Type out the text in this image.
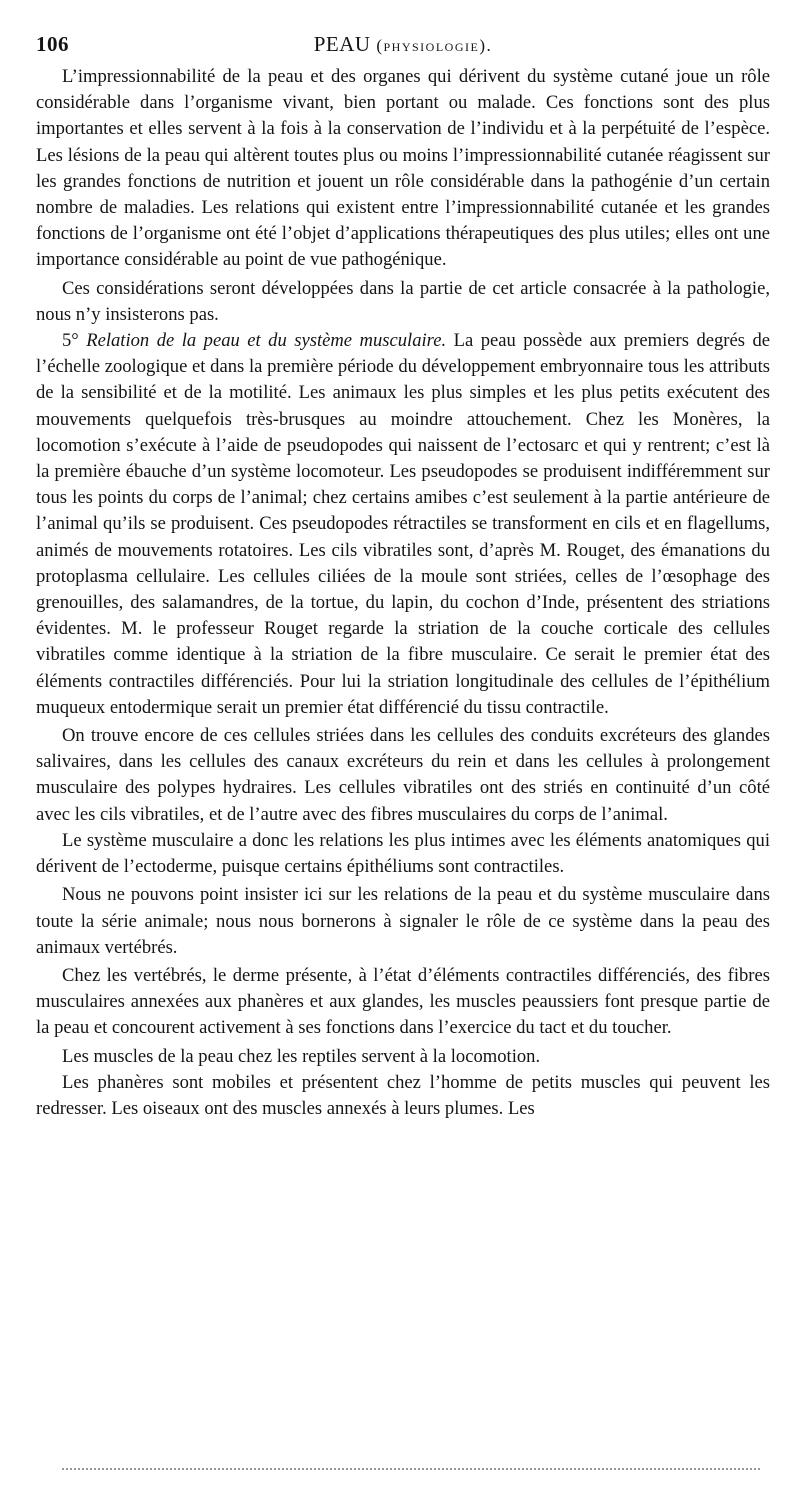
106	PEAU (physiologie).

L’impressionnabilité de la peau et des organes qui dérivent du système cutané joue un rôle considérable dans l’organisme vivant, bien portant ou malade. Ces fonctions sont des plus importantes et elles servent à la fois à la conservation de l’individu et à la perpétuité de l’espèce. Les lésions de la peau qui altèrent toutes plus ou moins l’impressionnabilité cutanée réagissent sur les grandes fonctions de nutrition et jouent un rôle considérable dans la pathogénie d’un certain nombre de maladies. Les relations qui existent entre l’impressionnabilité cutanée et les grandes fonctions de l’organisme ont été l’objet d’applications thérapeutiques des plus utiles; elles ont une importance considérable au point de vue pathogénique.

Ces considérations seront développées dans la partie de cet article consacrée à la pathologie, nous n’y insisterons pas.

5° Relation de la peau et du système musculaire. La peau possède aux premiers degrés de l’échelle zoologique et dans la première période du développement embryonnaire tous les attributs de la sensibilité et de la motilité. Les animaux les plus simples et les plus petits exécutent des mouvements quelquefois très-brusques au moindre attouchement. Chez les Monères, la locomotion s’exécute à l’aide de pseudopodes qui naissent de l’ectosarc et qui y rentrent; c’est là la première ébauche d’un système locomoteur. Les pseudopodes se produisent indifféremment sur tous les points du corps de l’animal; chez certains amibes c’est seulement à la partie antérieure de l’animal qu’ils se produisent. Ces pseudopodes rétractiles se transforment en cils et en flagellums, animés de mouvements rotatoires. Les cils vibratiles sont, d’après M. Rouget, des émanations du protoplasma cellulaire. Les cellules ciliées de la moule sont striées, celles de l’œsophage des grenouilles, des salamandres, de la tortue, du lapin, du cochon d’Inde, présentent des striations évidentes. M. le professeur Rouget regarde la striation de la couche corticale des cellules vibratiles comme identique à la striation de la fibre musculaire. Ce serait le premier état des éléments contractiles différenciés. Pour lui la striation longitudinale des cellules de l’épithélium muqueux entodermique serait un premier état différencié du tissu contractile.

On trouve encore de ces cellules striées dans les cellules des conduits excréteurs des glandes salivaires, dans les cellules des canaux excréteurs du rein et dans les cellules à prolongement musculaire des polypes hydraires. Les cellules vibratiles ont des striés en continuité d’un côté avec les cils vibratiles, et de l’autre avec des fibres musculaires du corps de l’animal.

Le système musculaire a donc les relations les plus intimes avec les éléments anatomiques qui dérivent de l’ectoderme, puisque certains épithéliums sont contractiles.

Nous ne pouvons point insister ici sur les relations de la peau et du système musculaire dans toute la série animale; nous nous bornerons à signaler le rôle de ce système dans la peau des animaux vertébrés.

Chez les vertébrés, le derme présente, à l’état d’éléments contractiles différenciés, des fibres musculaires annexées aux phanères et aux glandes, les muscles peaussiers font presque partie de la peau et concourent activement à ses fonctions dans l’exercice du tact et du toucher.

Les muscles de la peau chez les reptiles servent à la locomotion.

Les phanères sont mobiles et présentent chez l’homme de petits muscles qui peuvent les redresser. Les oiseaux ont des muscles annexés à leurs plumes. Les
